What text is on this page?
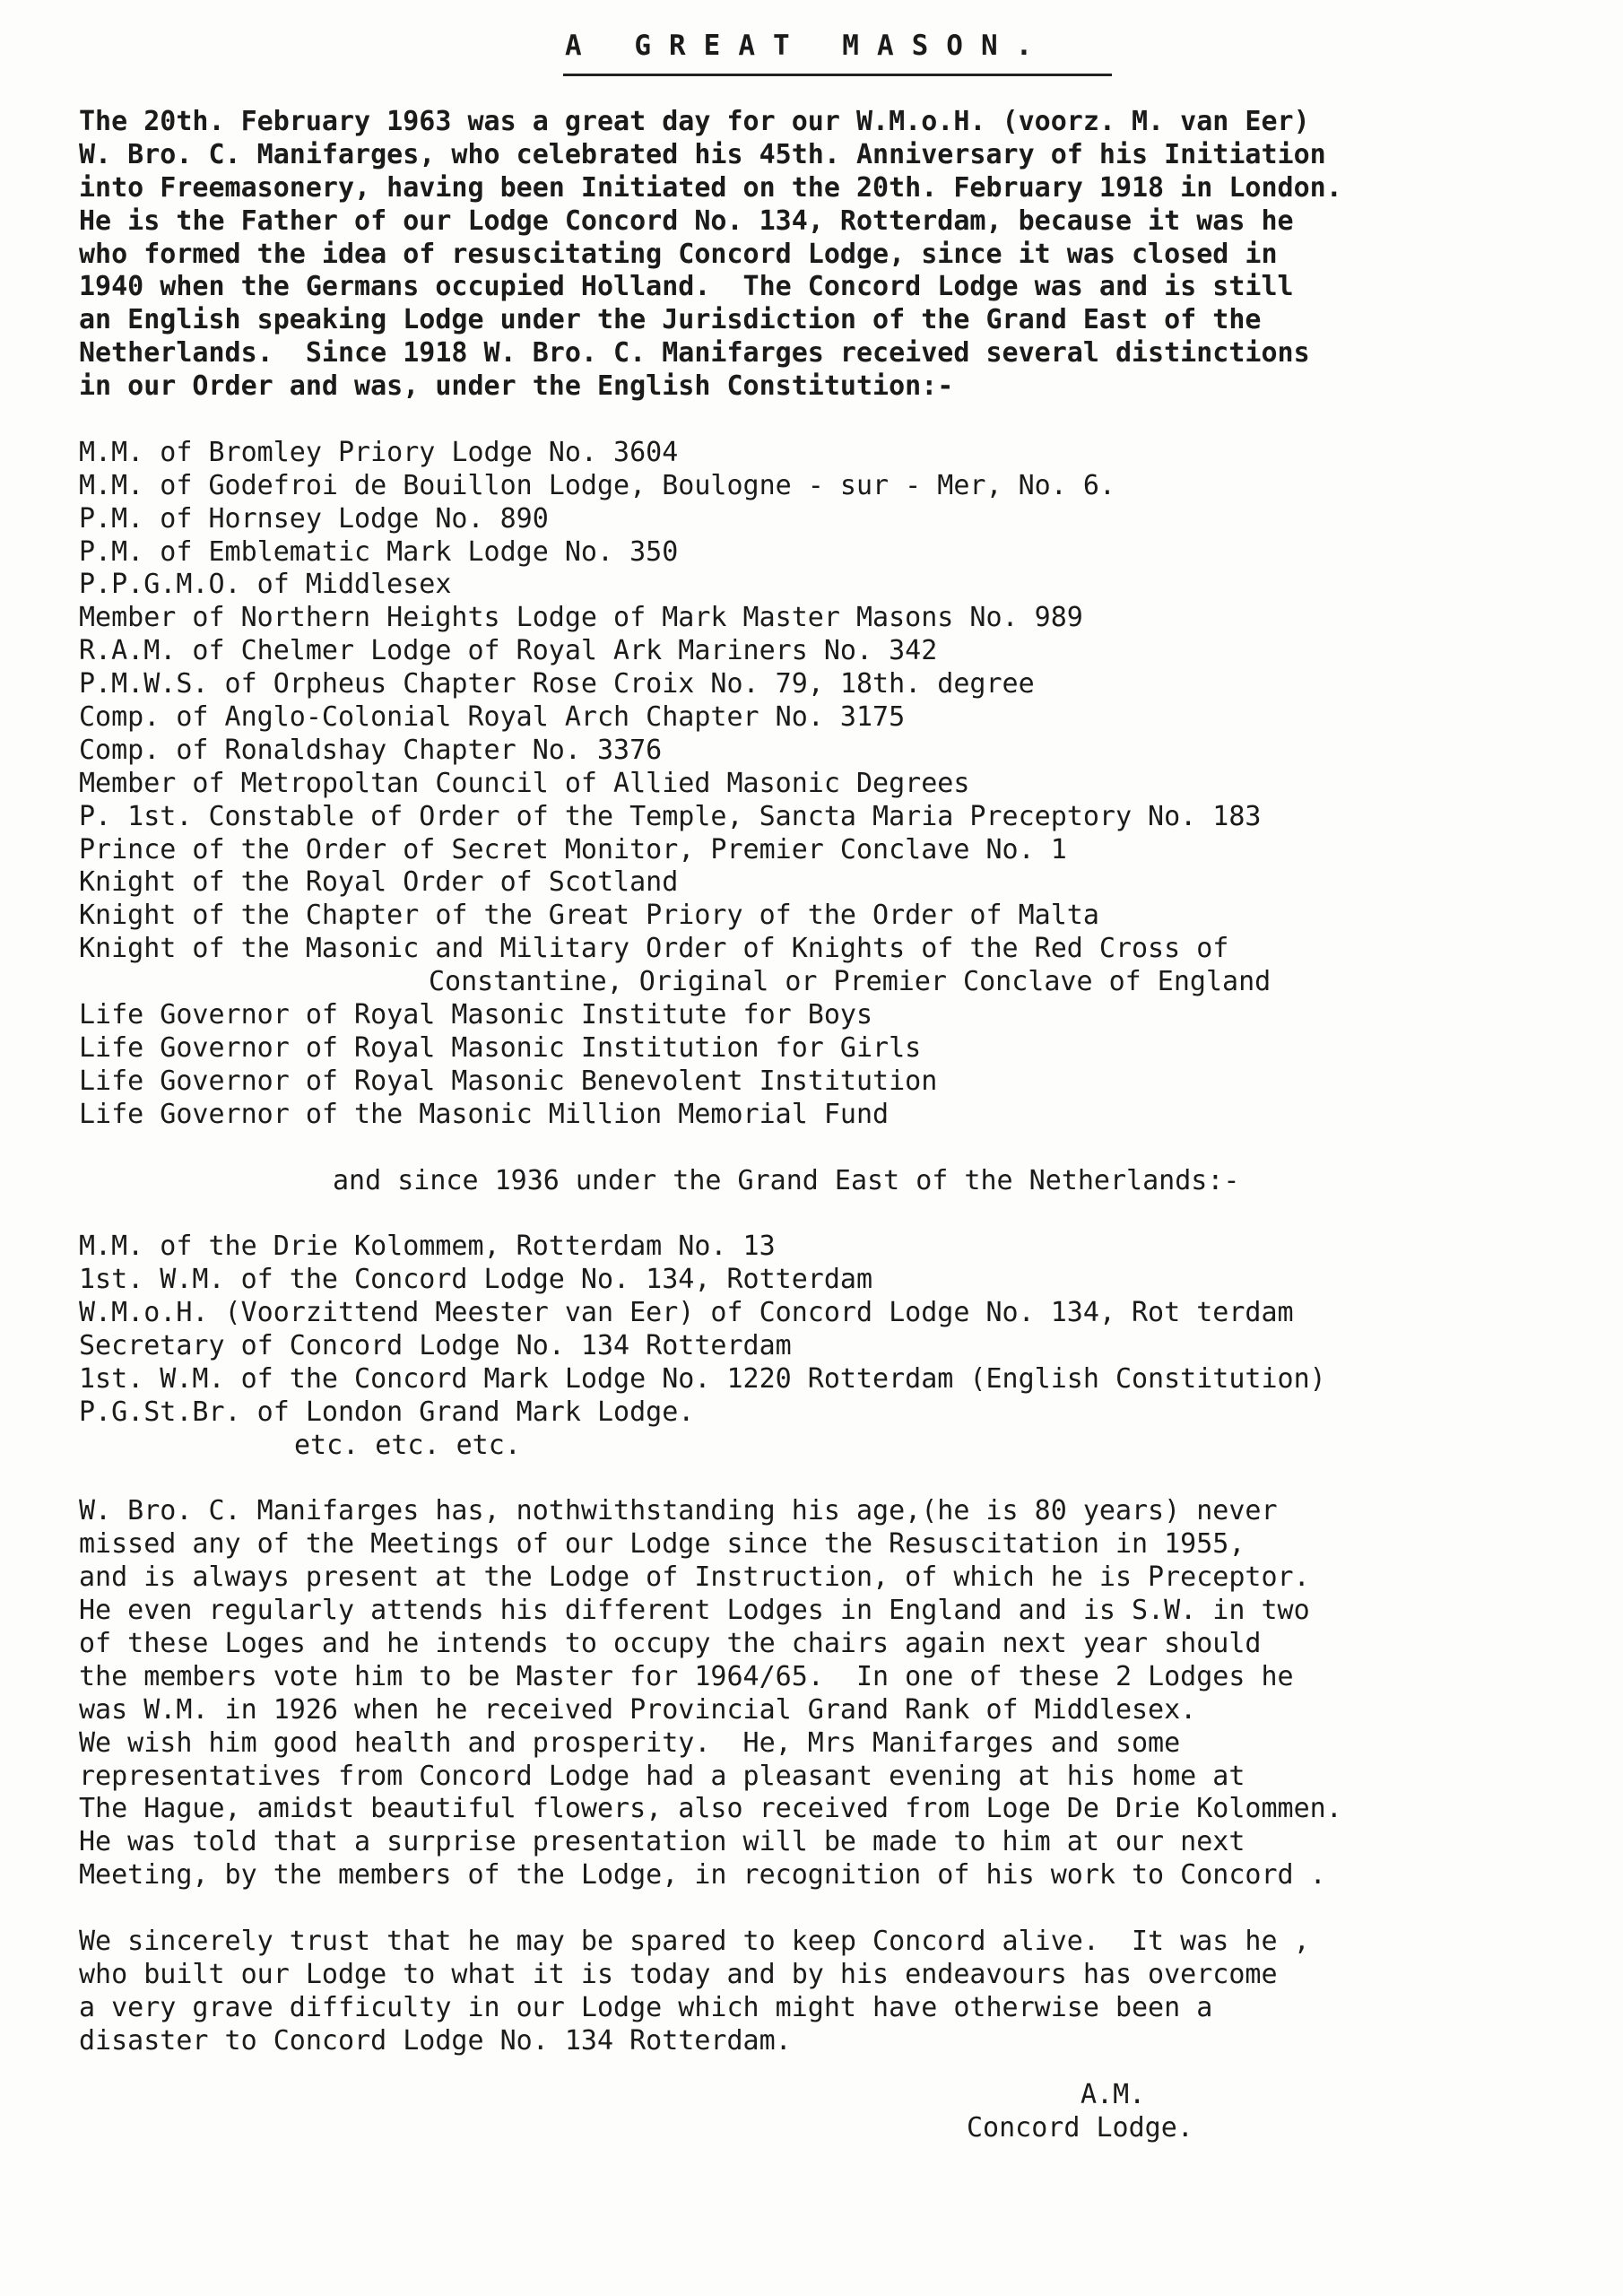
A GREAT MASON.
The 20th. February 1963 was a great day for our W.M.o.H. (voorz. M. van Eer)
W. Bro. C. Manifarges, who celebrated his 45th. Anniversary of his Initiation
into Freemasonery, having been Initiated on the 20th. February 1918 in London.
He is the Father of our Lodge Concord No. 134, Rotterdam, because it was he
who formed the idea of resuscitating Concord Lodge, since it was closed in
1940 when the Germans occupied Holland.  The Concord Lodge was and is still
an English speaking Lodge under the Jurisdiction of the Grand East of the
Netherlands.  Since 1918 W. Bro. C. Manifarges received several distinctions
in our Order and was, under the English Constitution:-
M.M. of Bromley Priory Lodge No. 3604
M.M. of Godefroi de Bouillon Lodge, Boulogne - sur - Mer, No. 6.
P.M. of Hornsey Lodge No. 890
P.M. of Emblematic Mark Lodge No. 350
P.P.G.M.O. of Middlesex
Member of Northern Heights Lodge of Mark Master Masons No. 989
R.A.M. of Chelmer Lodge of Royal Ark Mariners No. 342
P.M.W.S. of Orpheus Chapter Rose Croix No. 79, 18th. degree
Comp. of Anglo-Colonial Royal Arch Chapter No. 3175
Comp. of Ronaldshay Chapter No. 3376
Member of Metropoltan Council of Allied Masonic Degrees
P. 1st. Constable of Order of the Temple, Sancta Maria Preceptory No. 183
Prince of the Order of Secret Monitor, Premier Conclave No. 1
Knight of the Royal Order of Scotland
Knight of the Chapter of the Great Priory of the Order of Malta
Knight of the Masonic and Military Order of Knights of the Red Cross of
Constantine, Original or Premier Conclave of England
Life Governor of Royal Masonic Institute for Boys
Life Governor of Royal Masonic Institution for Girls
Life Governor of Royal Masonic Benevolent Institution
Life Governor of the Masonic Million Memorial Fund
and since 1936 under the Grand East of the Netherlands:-
M.M. of the Drie Kolommem, Rotterdam No. 13
1st. W.M. of the Concord Lodge No. 134, Rotterdam
W.M.o.H. (Voorzittend Meester van Eer) of Concord Lodge No. 134, Rot terdam
Secretary of Concord Lodge No. 134 Rotterdam
1st. W.M. of the Concord Mark Lodge No. 1220 Rotterdam (English Constitution)
P.G.St.Br. of London Grand Mark Lodge.
etc. etc. etc.
W. Bro. C. Manifarges has, nothwithstanding his age,(he is 80 years) never
missed any of the Meetings of our Lodge since the Resuscitation in 1955,
and is always present at the Lodge of Instruction, of which he is Preceptor.
He even regularly attends his different Lodges in England and is S.W. in two
of these Loges and he intends to occupy the chairs again next year should
the members vote him to be Master for 1964/65.  In one of these 2 Lodges he
was W.M. in 1926 when he received Provincial Grand Rank of Middlesex.
We wish him good health and prosperity.  He, Mrs Manifarges and some
representatives from Concord Lodge had a pleasant evening at his home at
The Hague, amidst beautiful flowers, also received from Loge De Drie Kolommen.
He was told that a surprise presentation will be made to him at our next
Meeting, by the members of the Lodge, in recognition of his work to Concord .
We sincerely trust that he may be spared to keep Concord alive.  It was he ,
who built our Lodge to what it is today and by his endeavours has overcome
a very grave difficulty in our Lodge which might have otherwise been a
disaster to Concord Lodge No. 134 Rotterdam.
A.M.
Concord Lodge.
